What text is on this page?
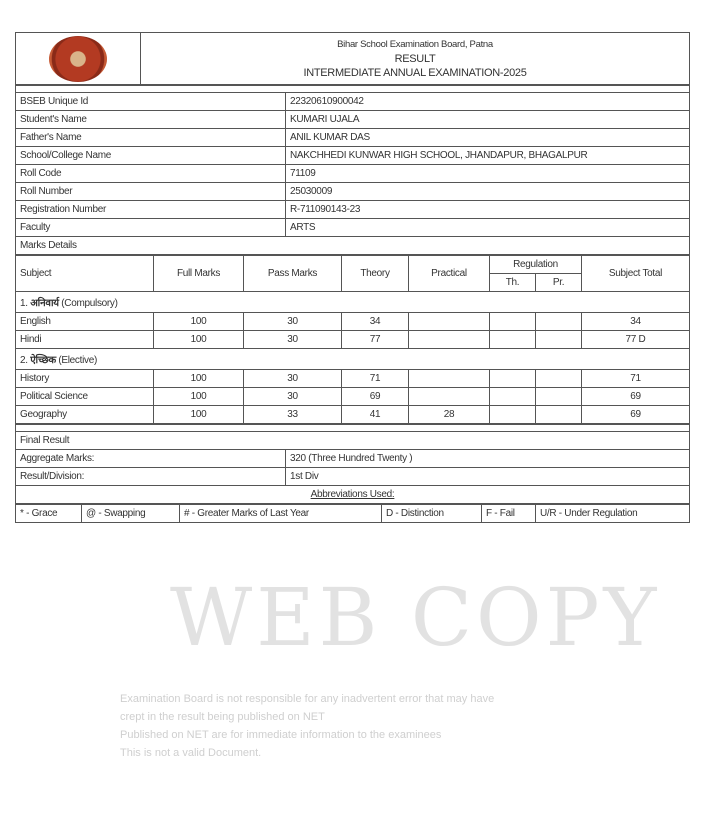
Bihar School Examination Board, Patna
RESULT
INTERMEDIATE ANNUAL EXAMINATION-2025

BSEB Unique Id	22320610900042
Student's Name	KUMARI UJALA
Father's Name	ANIL KUMAR DAS
School/College Name	NAKCHHEDI KUNWAR HIGH SCHOOL, JHANDAPUR, BHAGALPUR
Roll Code	71109
Roll Number	25030009
Registration Number	R-711090143-23
Faculty	ARTS
Marks Details	
Subject	Full Marks	Pass Marks	Theory	Practical	Regulation		Subject Total
					Th.	Pr.	
1. अनिवार्य (Compulsory)							
English	100	30	34				34
Hindi	100	30	77				77 D
2. ऐच्छिक (Elective)							
History	100	30	71				71
Political Science	100	30	69				69
Geography	100	33	41	28			69

Final Result	
Aggregate Marks:	320 (Three Hundred Twenty )
Result/Division:	1st Div
Abbreviations Used:	
* - Grace	@ - Swapping	# - Greater Marks of Last Year	D - Distinction	F - Fail	U/R - Under Regulation
WEB COPY
Examination Board is not responsible for any inadvertent error that may have
crept in the result being published on NET
Published on NET are for immediate information to the examinees
This is not a valid Document.
